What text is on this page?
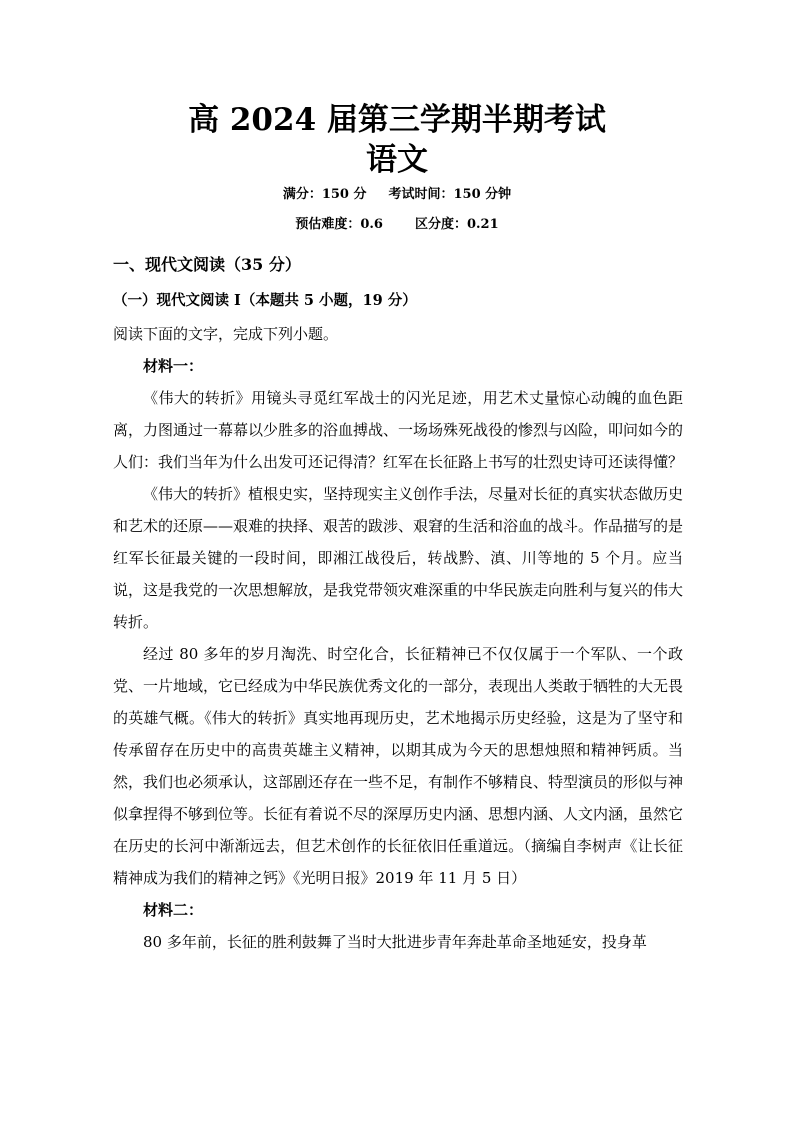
高 2024 届第三学期半期考试
语文
满分：150 分 考试时间：150 分钟
预估难度：0.6 区分度：0.21
一、现代文阅读（35 分）
（一）现代文阅读 I（本题共 5 小题，19 分）

阅读下面的文字，完成下列小题。

材料一：

《伟大的转折》用镜头寻觅红军战士的闪光足迹，用艺术丈量惊心动魄的血色距离，力图通过一幕幕以少胜多的浴血搏战、一场场殊死战役的惨烈与凶险，叩问如今的人们：我们当年为什么出发可还记得清？红军在长征路上书写的壮烈史诗可还读得懂？

《伟大的转折》植根史实，坚持现实主义创作手法，尽量对长征的真实状态做历史和艺术的还原——艰难的抉择、艰苦的跋涉、艰窘的生活和浴血的战斗。作品描写的是红军长征最关键的一段时间，即湘江战役后，转战黔、滇、川等地的 5 个月。应当说，这是我党的一次思想解放，是我党带领灾难深重的中华民族走向胜利与复兴的伟大转折。

经过 80 多年的岁月淘洗、时空化合，长征精神已不仅仅属于一个军队、一个政党、一片地域，它已经成为中华民族优秀文化的一部分，表现出人类敢于牺牲的大无畏的英雄气概。《伟大的转折》真实地再现历史，艺术地揭示历史经验，这是为了坚守和传承留存在历史中的高贵英雄主义精神，以期其成为今天的思想烛照和精神钙质。当然，我们也必须承认，这部剧还存在一些不足，有制作不够精良、特型演员的形似与神似拿捏得不够到位等。长征有着说不尽的深厚历史内涵、思想内涵、人文内涵，虽然它在历史的长河中渐渐远去，但艺术创作的长征依旧任重道远。（摘编自李树声《让长征精神成为我们的精神之钙》《光明日报》2019 年 11 月 5 日）

材料二：

80 多年前，长征的胜利鼓舞了当时大批进步青年奔赴革命圣地延安，投身革
